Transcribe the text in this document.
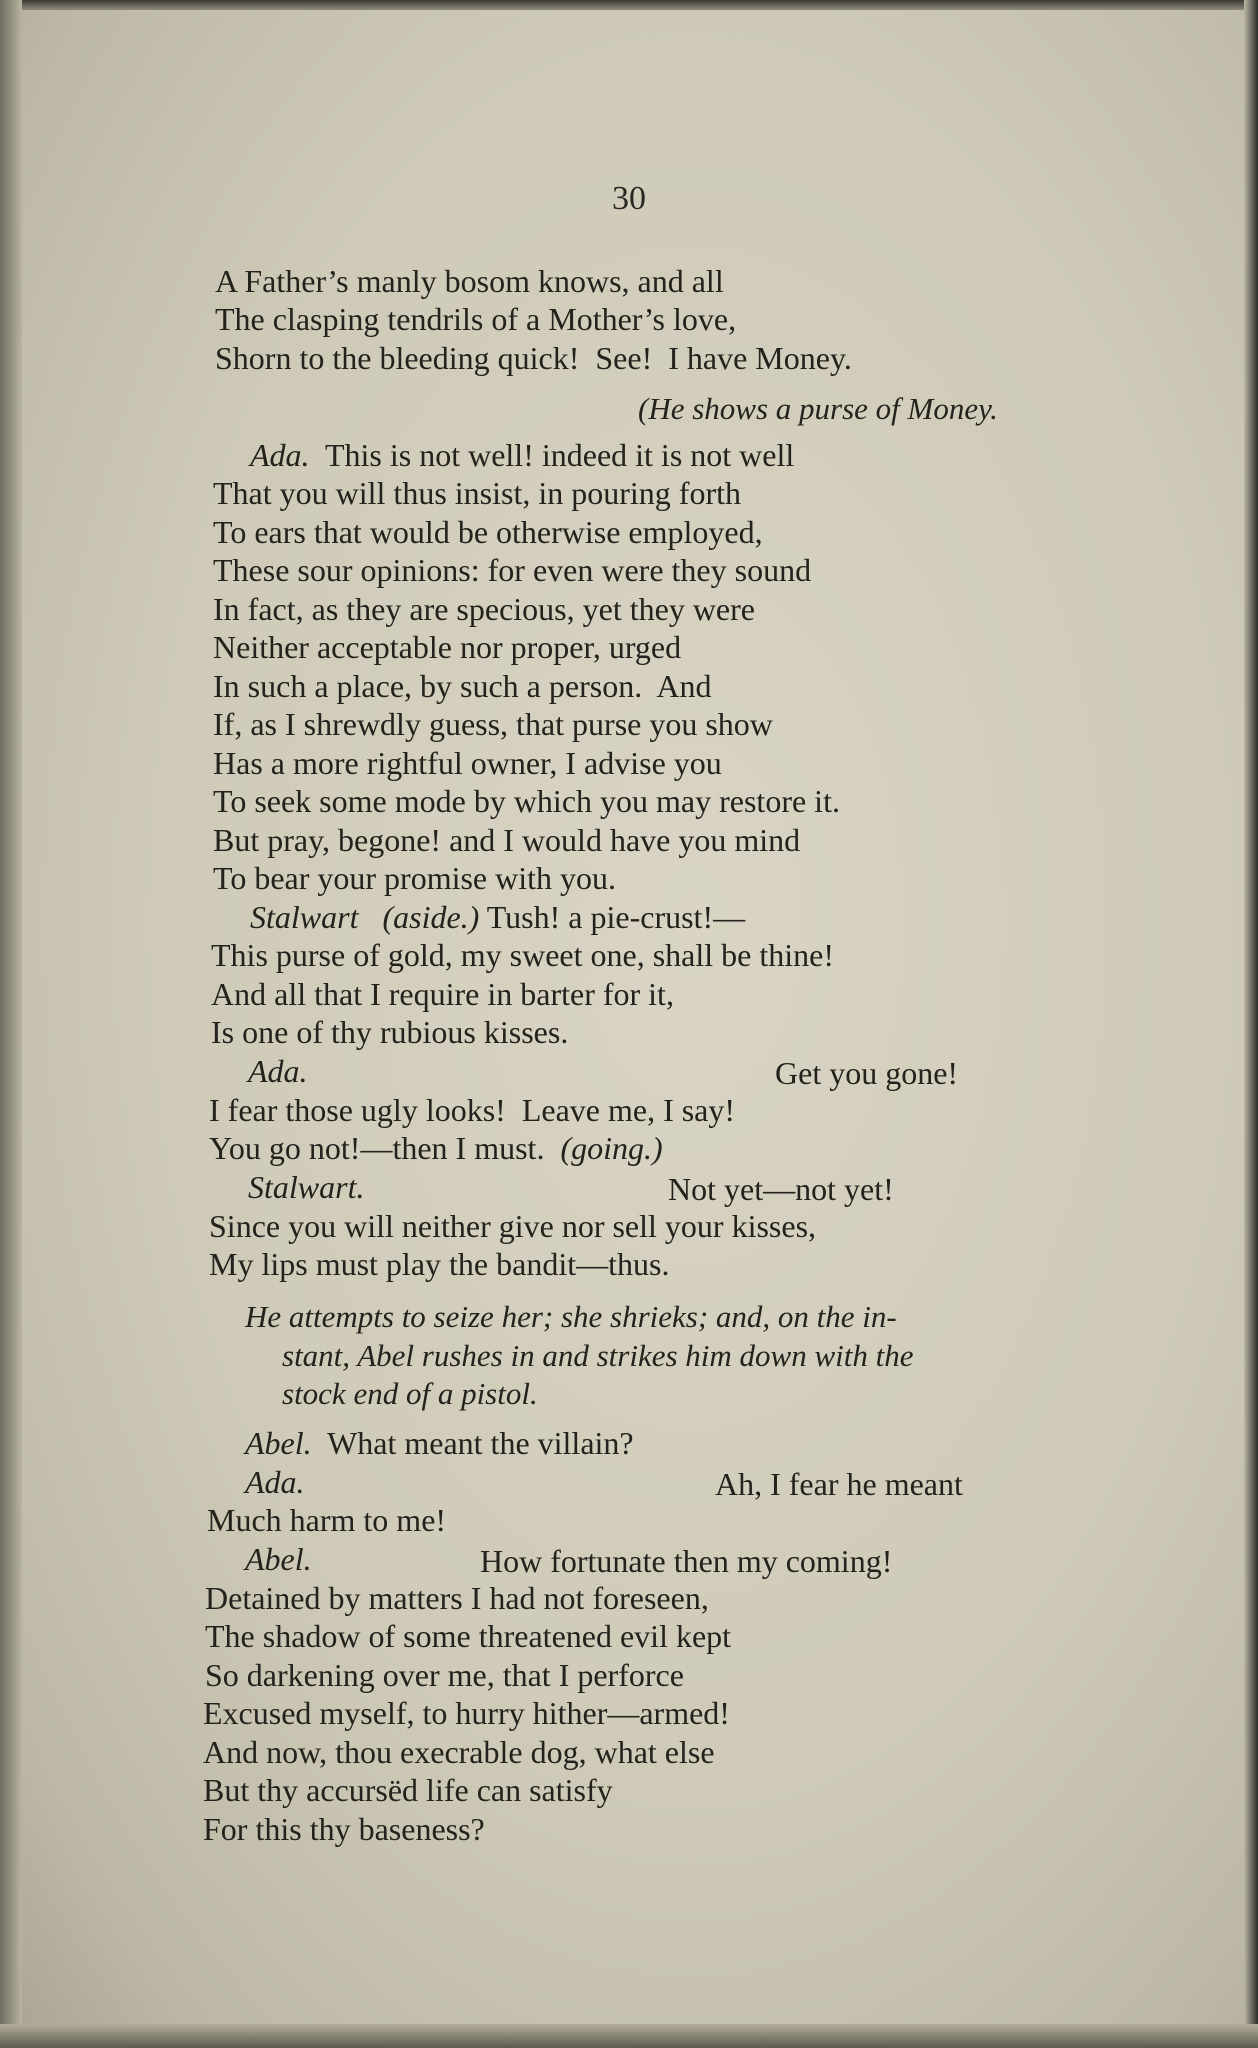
30
A Father’s manly bosom knows, and all
The clasping tendrils of a Mother’s love,
Shorn to the bleeding quick!  See!  I have Money.
(He shows a purse of Money.
Ada. This is not well! indeed it is not well
That you will thus insist, in pouring forth
To ears that would be otherwise employed,
These sour opinions: for even were they sound
In fact, as they are specious, yet they were
Neither acceptable nor proper, urged
In such a place, by such a person.  And
If, as I shrewdly guess, that purse you show
Has a more rightful owner, I advise you
To seek some mode by which you may restore it.
But pray, begone! and I would have you mind
To bear your promise with you.
Stalwart (aside.) Tush! a pie-crust!—
This purse of gold, my sweet one, shall be thine!
And all that I require in barter for it,
Is one of thy rubious kisses.
Ada.	Get you gone!
I fear those ugly looks!  Leave me, I say!
You go not!—then I must. (going.)
Stalwart.	Not yet—not yet!
Since you will neither give nor sell your kisses,
My lips must play the bandit—thus.
He attempts to seize her; she shrieks; and, on the in-
stant, Abel rushes in and strikes him down with the
stock end of a pistol.
Abel. What meant the villain?
Ada.	Ah, I fear he meant
Much harm to me!
Abel.	How fortunate then my coming!
Detained by matters I had not foreseen,
The shadow of some threatened evil kept
So darkening over me, that I perforce
Excused myself, to hurry hither—armed!
And now, thou execrable dog, what else
But thy accursëd life can satisfy
For this thy baseness?
